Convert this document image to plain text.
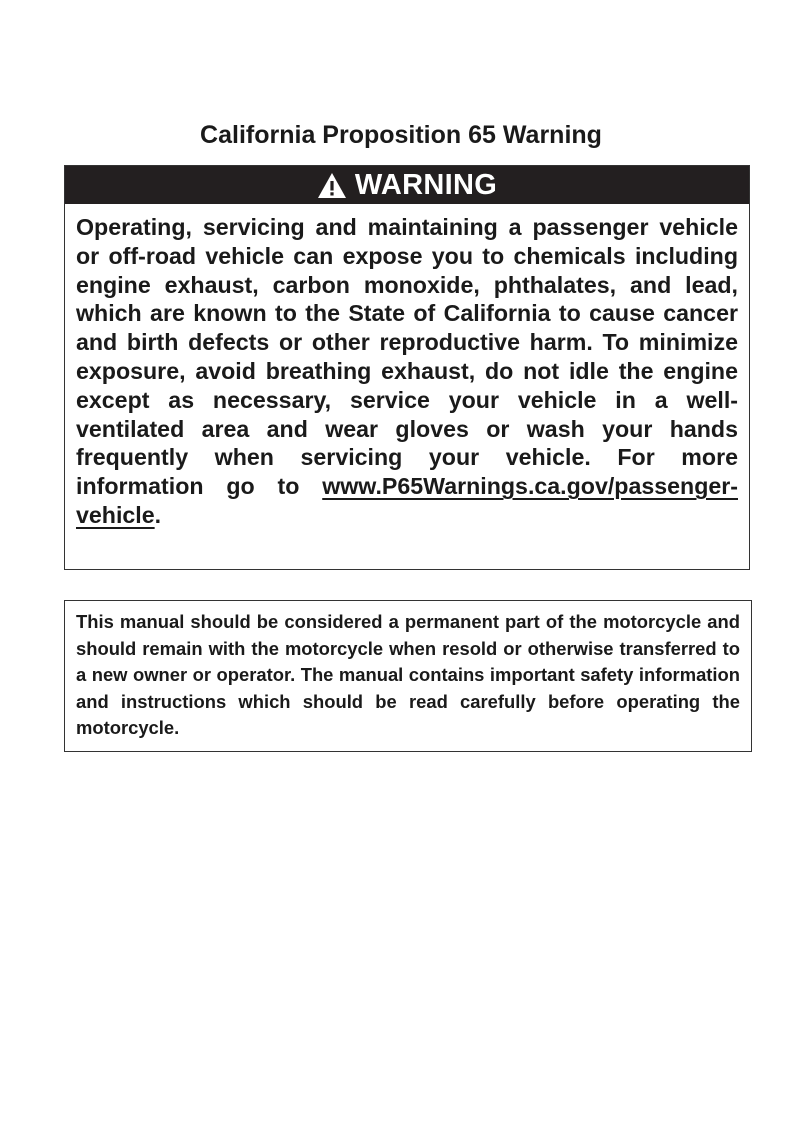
California Proposition 65 Warning
WARNING
Operating, servicing and maintaining a passenger vehicle or off-road vehicle can expose you to chemicals including engine exhaust, carbon monoxide, phthalates, and lead, which are known to the State of California to cause cancer and birth defects or other reproductive harm. To minimize exposure, avoid breathing exhaust, do not idle the engine except as necessary, service your vehicle in a well-ventilated area and wear gloves or wash your hands frequently when servicing your vehicle. For more information go to www.P65Warnings.ca.gov/passenger-vehicle.
This manual should be considered a permanent part of the motorcycle and should remain with the motorcycle when resold or otherwise transferred to a new owner or operator. The manual contains important safety information and instructions which should be read carefully before operating the motorcycle.
